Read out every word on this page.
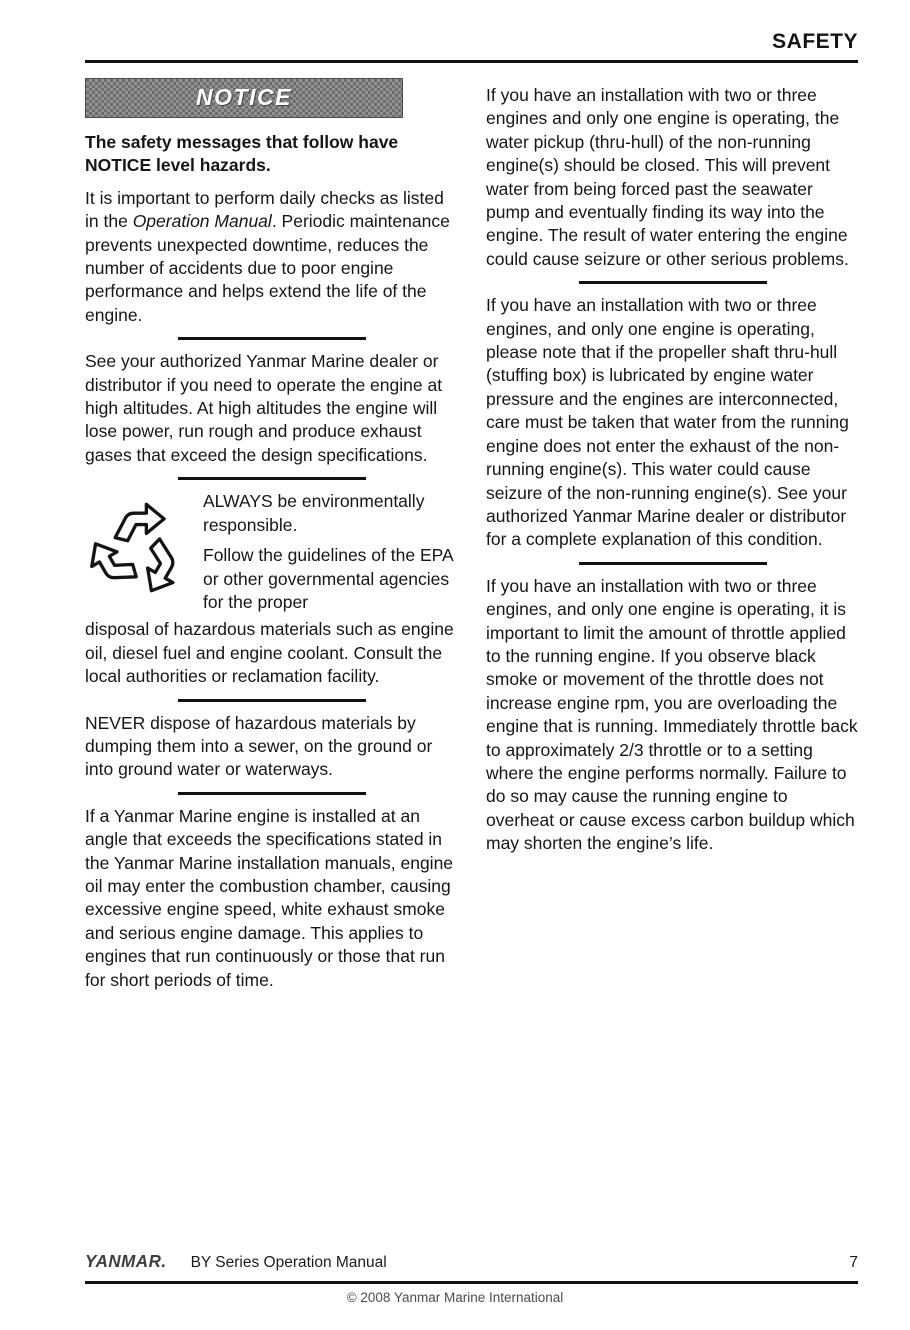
SAFETY
NOTICE

The safety messages that follow have NOTICE level hazards.

It is important to perform daily checks as listed in the Operation Manual. Periodic maintenance prevents unexpected downtime, reduces the number of accidents due to poor engine performance and helps extend the life of the engine.

See your authorized Yanmar Marine dealer or distributor if you need to operate the engine at high altitudes. At high altitudes the engine will lose power, run rough and produce exhaust gases that exceed the design specifications.

ALWAYS be environmentally responsible.

Follow the guidelines of the EPA or other governmental agencies for the proper

disposal of hazardous materials such as engine oil, diesel fuel and engine coolant. Consult the local authorities or reclamation facility.

NEVER dispose of hazardous materials by dumping them into a sewer, on the ground or into ground water or waterways.

If a Yanmar Marine engine is installed at an angle that exceeds the specifications stated in the Yanmar Marine installation manuals, engine oil may enter the combustion chamber, causing excessive engine speed, white exhaust smoke and serious engine damage. This applies to engines that run continuously or those that run for short periods of time.

If you have an installation with two or three engines and only one engine is operating, the water pickup (thru-hull) of the non-running engine(s) should be closed. This will prevent water from being forced past the seawater pump and eventually finding its way into the engine. The result of water entering the engine could cause seizure or other serious problems.

If you have an installation with two or three engines, and only one engine is operating, please note that if the propeller shaft thru-hull (stuffing box) is lubricated by engine water pressure and the engines are interconnected, care must be taken that water from the running engine does not enter the exhaust of the non-running engine(s). This water could cause seizure of the non-running engine(s). See your authorized Yanmar Marine dealer or distributor for a complete explanation of this condition.

If you have an installation with two or three engines, and only one engine is operating, it is important to limit the amount of throttle applied to the running engine. If you observe black smoke or movement of the throttle does not increase engine rpm, you are overloading the engine that is running. Immediately throttle back to approximately 2/3 throttle or to a setting where the engine performs normally. Failure to do so may cause the running engine to overheat or cause excess carbon buildup which may shorten the engine’s life.

YANMAR. BY Series Operation Manual	7
© 2008 Yanmar Marine International
